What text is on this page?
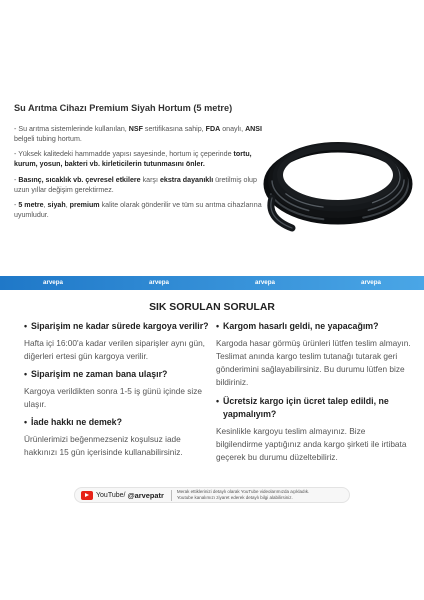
Su Arıtma Cihazı Premium Siyah Hortum (5 metre)

- Su arıtma sistemlerinde kullanılan, NSF sertifikasına sahip, FDA onaylı, ANSI belgeli tubing hortum.

- Yüksek kalitedeki hammadde yapısı sayesinde, hortum iç çeperinde tortu, kurum, yosun, bakteri vb. kirleticilerin tutunmasını önler.

- Basınç, sıcaklık vb. çevresel etkilere karşı ekstra dayanıklı üretilmiş olup uzun yıllar değişim gerektirmez.

- 5 metre, siyah, premium kalite olarak gönderilir ve tüm su arıtma cihazlarına uyumludur.

arvepa	arvepa	arvepa	arvepa
SIK SORULAN SORULAR
• Siparişim ne kadar sürede kargoya verilir?
Hafta içi 16:00'a kadar verilen siparişler aynı gün, diğerleri ertesi gün kargoya verilir.
• Siparişim ne zaman bana ulaşır?
Kargoya verildikten sonra 1-5 iş günü içinde size ulaşır.
• İade hakkı ne demek?
Ürünlerimizi beğenmezseniz koşulsuz iade hakkınızı 15 gün içerisinde kullanabilirsiniz.
• Kargom hasarlı geldi, ne yapacağım?
Kargoda hasar görmüş ürünleri lütfen teslim almayın. Teslimat anında kargo teslim tutanağı tutarak geri gönderimini sağlayabilirsiniz. Bu durumu lütfen bize bildiriniz.
• Ücretsiz kargo için ücret talep edildi, ne yapmalıyım?
Kesinlikle kargoyu teslim almayınız. Bize bilgilendirme yaptığınız anda kargo şirketi ile irtibata geçerek bu durumu düzeltebiliriz.
YouTube/ @arvepatr	Merak ettiklerinizi detaylı olarak YouTube videolarımızda açıkladık.
Youtube kanalımızı ziyaret ederek detaylı bilgi alabilirsiniz.
